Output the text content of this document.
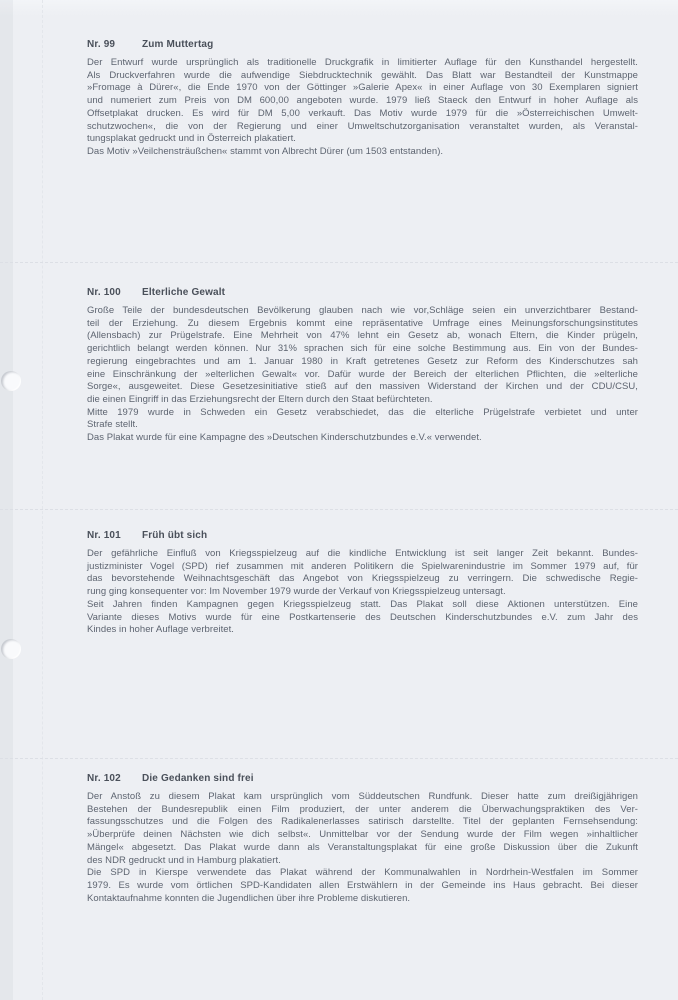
Nr. 99	Zum Muttertag
Der Entwurf wurde ursprünglich als traditionelle Druckgrafik in limitierter Auflage für den Kunsthandel hergestellt.
Als Druckverfahren wurde die aufwendige Siebdrucktechnik gewählt. Das Blatt war Bestandteil der Kunstmappe
»Fromage à Dürer«, die Ende 1970 von der Göttinger »Galerie Apex« in einer Auflage von 30 Exemplaren signiert
und numeriert zum Preis von DM 600,00 angeboten wurde. 1979 ließ Staeck den Entwurf in hoher Auflage als
Offsetplakat drucken. Es wird für DM 5,00 verkauft. Das Motiv wurde 1979 für die »Österreichischen Umwelt-
schutzwochen«, die von der Regierung und einer Umweltschutzorganisation veranstaltet wurden, als Veranstal-
tungsplakat gedruckt und in Österreich plakatiert.
Das Motiv »Veilchensträußchen« stammt von Albrecht Dürer (um 1503 entstanden).
Nr. 100	Elterliche Gewalt
Große Teile der bundesdeutschen Bevölkerung glauben nach wie vor,Schläge seien ein unverzichtbarer Bestand-
teil der Erziehung. Zu diesem Ergebnis kommt eine repräsentative Umfrage eines Meinungsforschungsinstitutes
(Allensbach) zur Prügelstrafe. Eine Mehrheit von 47% lehnt ein Gesetz ab, wonach Eltern, die Kinder prügeln,
gerichtlich belangt werden können. Nur 31% sprachen sich für eine solche Bestimmung aus. Ein von der Bundes-
regierung eingebrachtes und am 1. Januar 1980 in Kraft getretenes Gesetz zur Reform des Kinderschutzes sah
eine Einschränkung der »elterlichen Gewalt« vor. Dafür wurde der Bereich der elterlichen Pflichten, die »elterliche
Sorge«, ausgeweitet. Diese Gesetzesinitiative stieß auf den massiven Widerstand der Kirchen und der CDU/CSU,
die einen Eingriff in das Erziehungsrecht der Eltern durch den Staat befürchteten.
Mitte 1979 wurde in Schweden ein Gesetz verabschiedet, das die elterliche Prügelstrafe verbietet und unter
Strafe stellt.
Das Plakat wurde für eine Kampagne des »Deutschen Kinderschutzbundes e.V.« verwendet.
Nr. 101	Früh übt sich
Der gefährliche Einfluß von Kriegsspielzeug auf die kindliche Entwicklung ist seit langer Zeit bekannt. Bundes-
justizminister Vogel (SPD) rief zusammen mit anderen Politikern die Spielwarenindustrie im Sommer 1979 auf, für
das bevorstehende Weihnachtsgeschäft das Angebot von Kriegsspielzeug zu verringern. Die schwedische Regie-
rung ging konsequenter vor: Im November 1979 wurde der Verkauf von Kriegsspielzeug untersagt.
Seit Jahren finden Kampagnen gegen Kriegsspielzeug statt. Das Plakat soll diese Aktionen unterstützen. Eine
Variante dieses Motivs wurde für eine Postkartenserie des Deutschen Kinderschutzbundes e.V. zum Jahr des
Kindes in hoher Auflage verbreitet.
Nr. 102	Die Gedanken sind frei
Der Anstoß zu diesem Plakat kam ursprünglich vom Süddeutschen Rundfunk. Dieser hatte zum dreißigjährigen
Bestehen der Bundesrepublik einen Film produziert, der unter anderem die Überwachungspraktiken des Ver-
fassungsschutzes und die Folgen des Radikalenerlasses satirisch darstellte. Titel der geplanten Fernsehsendung:
»Überprüfe deinen Nächsten wie dich selbst«. Unmittelbar vor der Sendung wurde der Film wegen »inhaltlicher
Mängel« abgesetzt. Das Plakat wurde dann als Veranstaltungsplakat für eine große Diskussion über die Zukunft
des NDR gedruckt und in Hamburg plakatiert.
Die SPD in Kierspe verwendete das Plakat während der Kommunalwahlen in Nordrhein-Westfalen im Sommer
1979. Es wurde vom örtlichen SPD-Kandidaten allen Erstwählern in der Gemeinde ins Haus gebracht. Bei dieser
Kontaktaufnahme konnten die Jugendlichen über ihre Probleme diskutieren.
